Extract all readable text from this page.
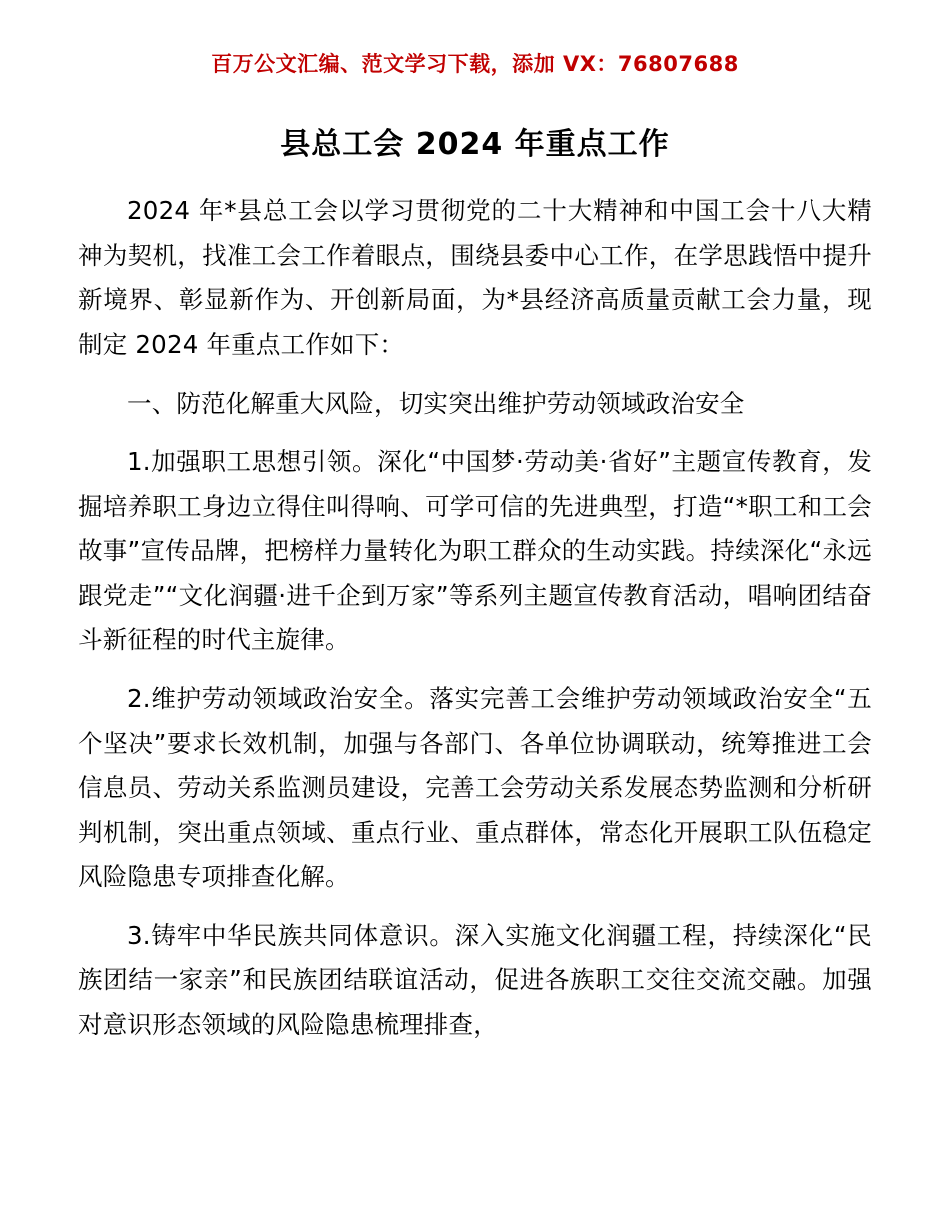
百万公文汇编、范文学习下载，添加 VX：76807688
县总工会 2024 年重点工作

2024 年*县总工会以学习贯彻党的二十大精神和中国工会十八大精神为契机，找准工会工作着眼点，围绕县委中心工作，在学思践悟中提升新境界、彰显新作为、开创新局面，为*县经济高质量贡献工会力量，现制定 2024 年重点工作如下：

一、防范化解重大风险，切实突出维护劳动领域政治安全

1.加强职工思想引领。深化“中国梦·劳动美·省好”主题宣传教育，发掘培养职工身边立得住叫得响、可学可信的先进典型，打造“*职工和工会故事”宣传品牌，把榜样力量转化为职工群众的生动实践。持续深化“永远跟党走”“文化润疆·进千企到万家”等系列主题宣传教育活动，唱响团结奋斗新征程的时代主旋律。

2.维护劳动领域政治安全。落实完善工会维护劳动领域政治安全“五个坚决”要求长效机制，加强与各部门、各单位协调联动，统筹推进工会信息员、劳动关系监测员建设，完善工会劳动关系发展态势监测和分析研判机制，突出重点领域、重点行业、重点群体，常态化开展职工队伍稳定风险隐患专项排查化解。

3.铸牢中华民族共同体意识。深入实施文化润疆工程，持续深化“民族团结一家亲”和民族团结联谊活动，促进各族职工交往交流交融。加强对意识形态领域的风险隐患梳理排查，
